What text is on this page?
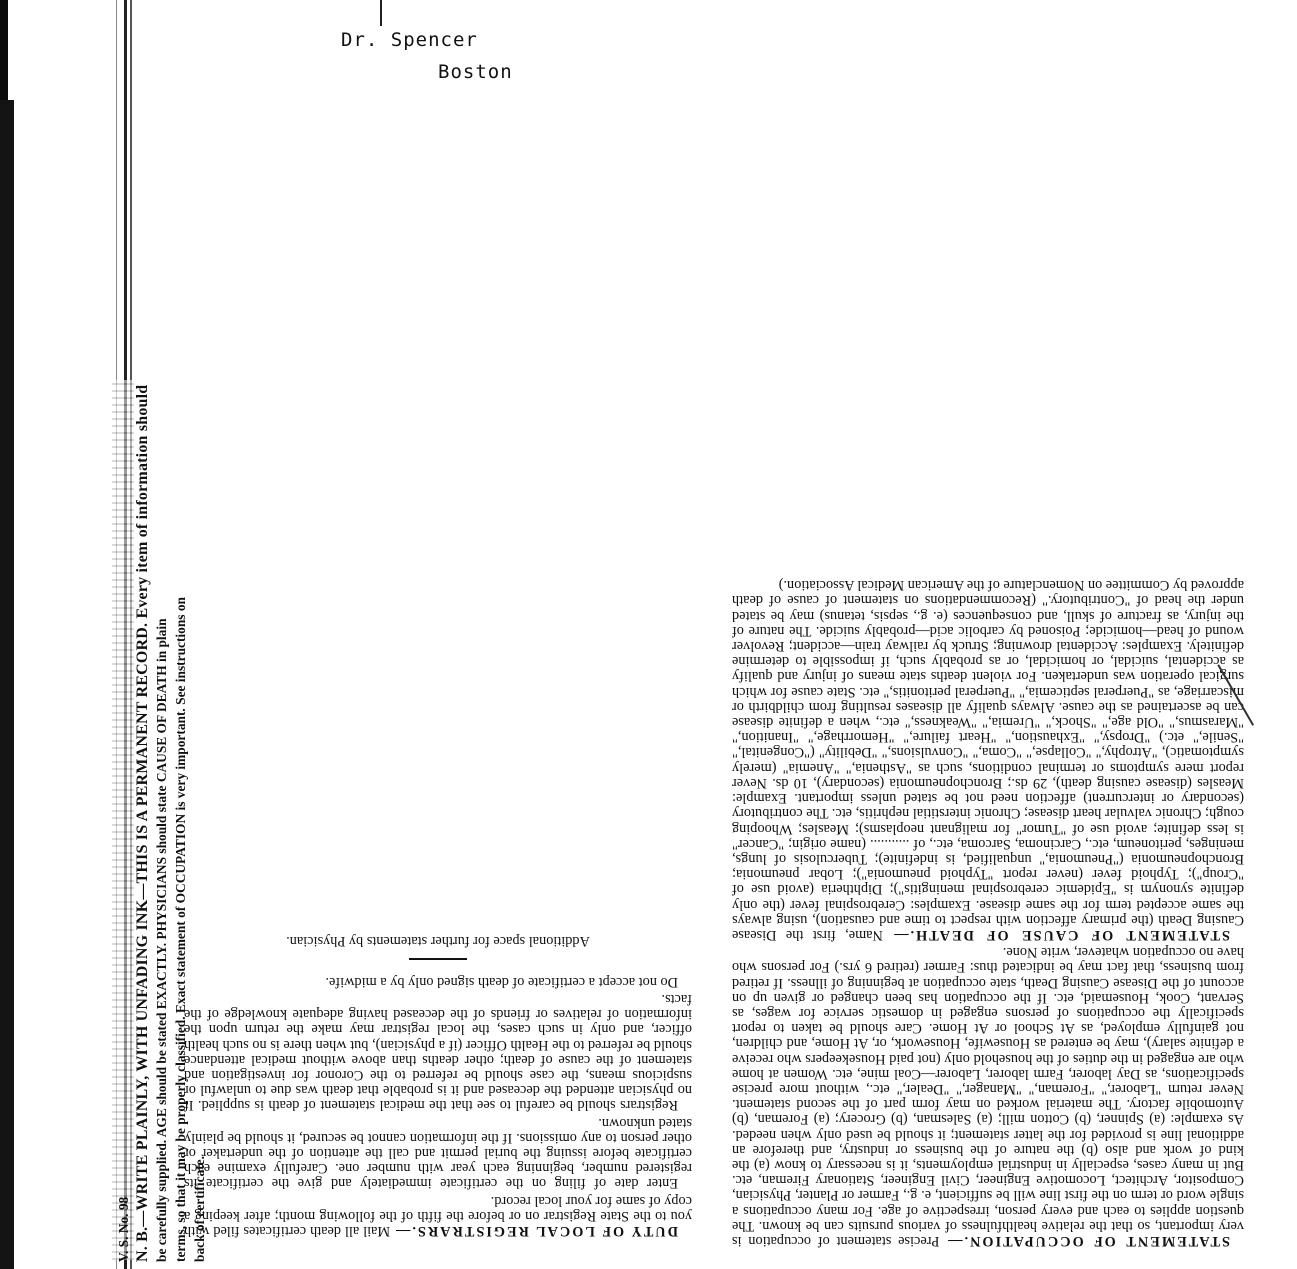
Dr. Spencer
Boston
V. S. No. 98 N. B.—WRITE PLAINLY, WITH UNFADING INK—THIS IS A PERMANENT RECORD. Every item of information should be carefully supplied. AGE should be stated EXACTLY. PHYSICIANS should state CAUSE OF DEATH in plain terms, so that it may be properly classified. Exact statement of OCCUPATION is very important. See instructions on back of certificate.	STATEMENT OF OCCUPATION.— Precise statement of occupation is very important, so that the relative healthfulness of various pursuits can be known. The question applies to each and every person, irrespective of age. For many occupations a single word or term on the first line will be sufficient, e. g., Farmer or Planter, Physician, Compositor, Architect, Locomotive Engineer, Civil Engineer, Stationary Fireman, etc. But in many cases, especially in industrial employments, it is necessary to know (a) the kind of work and also (b) the nature of the business or industry, and therefore an additional line is provided for the latter statement; it should be used only when needed. As example: (a) Spinner, (b) Cotton mill; (a) Salesman, (b) Grocery; (a) Foreman, (b) Automobile factory. The material worked on may form part of the second statement. Never return "Laborer," "Foreman," "Manager," "Dealer," etc., without more precise specifications, as Day laborer, Farm laborer, Laborer—Coal mine, etc. Women at home who are engaged in the duties of the household only (not paid Housekeepers who receive a definite salary), may be entered as Housewife, Housework, or, At Home, and children, not gainfully employed, as At School or At Home. Care should be taken to report specifically the occupations of persons engaged in domestic service for wages, as Servant, Cook, Housemaid, etc. If the occupation has been changed or given up on account of the Disease Causing Death, state occupation at beginning of illness. If retired from business, that fact may be indicated thus: Farmer (retired 6 yrs.) For persons who have no occupation whatever, write None.

STATEMENT OF CAUSE OF DEATH.— Name, first the Disease Causing Death (the primary affection with respect to time and causation), using always the same accepted term for the same disease. Examples: Cerebrospinal fever (the only definite synonym is "Epidemic cerebrospinal meningitis"); Diphtheria (avoid use of "Croup"); Typhoid fever (never report "Typhoid pneumonia"); Lobar pneumonia; Bronchopneumonia ("Pneumonia," unqualified, is indefinite); Tuberculosis of lungs, meninges, peritoneum, etc., Carcinoma, Sarcoma, etc., of ........... (name origin; "Cancer" is less definite; avoid use of "Tumor" for malignant neoplasms); Measles; Whooping cough; Chronic valvular heart disease; Chronic interstitial nephritis, etc. The contributory (secondary or intercurrent) affection need not be stated unless important. Example: Measles (disease causing death), 29 ds.; Bronchopneumonia (secondary), 10 ds. Never report mere symptoms or terminal conditions, such as "Asthenia," "Anemia" (merely symptomatic), "Atrophy," "Collapse," "Coma," "Convulsions," "Debility" ("Congenital," "Senile," etc.) "Dropsy," "Exhaustion," "Heart failure," "Hemorrhage," "Inanition," "Marasmus," "Old age," "Shock," "Uremia," "Weakness," etc., when a definite disease can be ascertained as the cause. Always qualify all diseases resulting from childbirth or miscarriage, as "Puerperal septicemia," "Puerperal peritonitis," etc. State cause for which surgical operation was undertaken. For violent deaths state means of injury and qualify as accidental, suicidal, or homicidal, or as probably such, if impossible to determine definitely. Examples: Accidental drowning; Struck by railway train—accident; Revolver wound of head—homicide; Poisoned by carbolic acid—probably suicide. The nature of the injury, as fracture of skull, and consequences (e. g., sepsis, tetanus) may be stated under the head of "Contributory." (Recommendations on statement of cause of death approved by Committee on Nomenclature of the American Medical Association.)

DUTY OF LOCAL REGISTRARS.— Mail all death certificates filed with you to the State Registrar on or before the fifth of the following month; after keeping a copy of same for your local record.

Enter date of filing on the certificate immediately and give the certificate its registered number, beginning each year with number one. Carefully examine each certificate before issuing the burial permit and call the attention of the undertaker or other person to any omissions. If the information cannot be secured, it should be plainly stated unknown.

Registrars should be careful to see that the medical statement of death is supplied. If no physician attended the deceased and it is probable that death was due to unlawful or suspicious means, the case should be referred to the Coronor for investigation and statement of the cause of death; other deaths than above without medical attendance should be referred to the Health Officer (if a physician), but when there is no such health officer, and only in such cases, the local registrar may make the return upon the information of relatives or friends of the deceased having adequate knowledge of the facts.

Do not accept a certificate of death signed only by a midwife.

Additional space for further statements by Physician.
